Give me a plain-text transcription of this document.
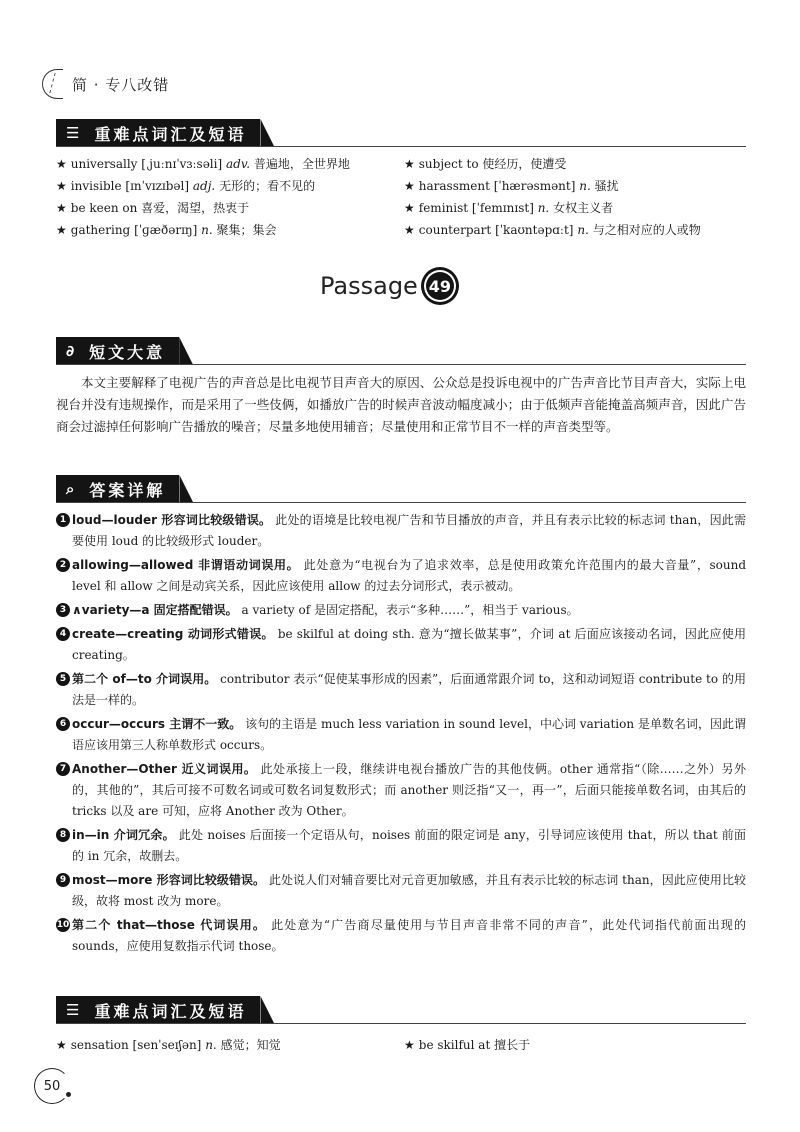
简 · 专八改错
☰ 重难点词汇及短语
★ universally [ˌjuːnɪˈvɜːsəli] adv. 普遍地，全世界地	★ subject to 使经历，使遭受
★ invisible [ɪnˈvɪzɪbəl] adj. 无形的；看不见的	★ harassment [ˈhærəsmənt] n. 骚扰
★ be keen on 喜爱，渴望，热衷于	★ feminist [ˈfemɪnɪst] n. 女权主义者
★ gathering [ˈɡæðərɪŋ] n. 聚集；集会	★ counterpart [ˈkaʊntəpɑːt] n. 与之相对应的人或物
Passage 49
∂ 短文大意

本文主要解释了电视广告的声音总是比电视节目声音大的原因、公众总是投诉电视中的广告声音比节目声音大，实际上电视台并没有违规操作，而是采用了一些伎俩，如播放广告的时候声音波动幅度减小；由于低频声音能掩盖高频声音，因此广告商会过滤掉任何影响广告播放的噪音；尽量多地使用辅音；尽量使用和正常节目不一样的声音类型等。

⌕ 答案详解
1 loud—louder 形容词比较级错误。 此处的语境是比较电视广告和节目播放的声音，并且有表示比较的标志词 than，因此需要使用 loud 的比较级形式 louder。
2 allowing—allowed 非谓语动词误用。 此处意为“电视台为了追求效率，总是使用政策允许范围内的最大音量”，sound level 和 allow 之间是动宾关系，因此应该使用 allow 的过去分词形式，表示被动。
3 ∧variety—a 固定搭配错误。 a variety of 是固定搭配，表示“多种……”，相当于 various。
4 create—creating 动词形式错误。 be skilful at doing sth. 意为“擅长做某事”，介词 at 后面应该接动名词，因此应使用 creating。
5 第二个 of—to 介词误用。 contributor 表示“促使某事形成的因素”，后面通常跟介词 to，这和动词短语 contribute to 的用法是一样的。
6 occur—occurs 主谓不一致。 该句的主语是 much less variation in sound level，中心词 variation 是单数名词，因此谓语应该用第三人称单数形式 occurs。
7 Another—Other 近义词误用。 此处承接上一段，继续讲电视台播放广告的其他伎俩。other 通常指“（除……之外）另外的，其他的”，其后可接不可数名词或可数名词复数形式；而 another 则泛指“又一，再一”，后面只能接单数名词，由其后的 tricks 以及 are 可知，应将 Another 改为 Other。
8 in—in 介词冗余。 此处 noises 后面接一个定语从句，noises 前面的限定词是 any，引导词应该使用 that，所以 that 前面的 in 冗余，故删去。
9 most—more 形容词比较级错误。 此处说人们对辅音要比对元音更加敏感，并且有表示比较的标志词 than，因此应使用比较级，故将 most 改为 more。
10 第二个 that—those 代词误用。 此处意为“广告商尽量使用与节目声音非常不同的声音”，此处代词指代前面出现的 sounds，应使用复数指示代词 those。
☰ 重难点词汇及短语
★ sensation [senˈseɪʃən] n. 感觉；知觉	★ be skilful at 擅长于
50
